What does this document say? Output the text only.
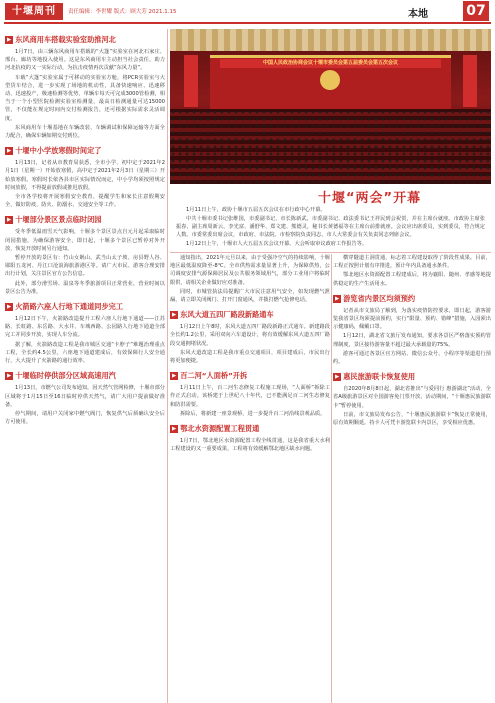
十堰周刊	责任编辑：李世耀 版式：顾大芳 2021.1.15	本地	07
中国人民政治协商会议十堰市委员会第五届委员会第五次会议
十堰“两会”开幕

1月11日上午，政协十堰市五届五次会议在市行政中心开幕。

中共十堰市委书记张维国，市委副书记、市长陈新武，市委副书记、政法委书记王祥民到会祝贺，并在主席台就座。市政协主席张振春，副主席周新云、李光富、潘舒华、郑文建、熊德灵，秘书长黄德福等在主席台前排就座。会议应出席委员，实到委员，符合规定人数。市委常委出席会议，市政府、市法院、市检察院负责同志，市人大常委会有关负责同志列席会议。

1月12日上午，十堰市人大五届五次会议开幕。大会听取审议政府工作报告等。

▶ 东风商用车搭载实验室助推河北

1月7日，由三辆东风商用车搭载的“大篷”实验室在河北石家庄、邢台、廊坊等地投入使用。这是东风商用车主动担当社会责任，助力河北抗疫的又一实际行动，为抗击疫情再次贡献“东风力量”。

车载“大篷”实验室属于可移动的实验室方舱，将PCR实验室与大型货车结合，进一步实现了场地的机动性，具备快速响应、迅速移动、迅速投产，极速检测等优势，单辆车每天可完成3000管检测，相当于一个小型医院检测实验室检测量，最高日检测通量可达15000管，不仅能在规定时间内交付检测报告，还可根据实际需求灵活调度。

东风商用车十堰基地在车辆改装、车辆调试和保障运输等方面全力配合，确保车辆如期交付到位。

▶ 十堰中小学放寒假时间定了

1月13日，记者从市教育局获悉，全市小学、初中定于2021年2月1日（星期一）开始放寒假，高中定于2021年2月3日（星期三）开始放寒假。寒假时长依各县市区实际情况而定，中小学均须按照规定时间放假，不得提前放假或推迟放假。

全市各学校将开展寒假安全教育，提醒学生和家长注意假期安全，做好防疫、防火、防溺水、交通安全等工作。

▶ 十堰部分景区景点临时闭园

受冬季低温雨雪天气影响，十堰多个景区景点自元月起采取临时闭园措施，为确保游客安全，即日起，十堰多个景区已暂停对外开放，恢复开放时间另行通知。

暂停开放的景区有：竹山女娲山、武当山太子坡、房县野人谷、郧阳五龙河、丹江口沧浪海旅游港区等。请广大市民、游客合理安排出行计划，关注景区官方公告信息。

此外，部分滑雪场、温泉等冬季旅游项目正常营业，营业时间以景区公告为准。

▶ 火箭路六座人行地下通道同步完工

1月12日下午，火箭路改造提升工程六座人行地下通道——江苏路、长虹路、东岳路、大水井、车城西路、公园路人行地下通道全部完工并同步开放，实现人车分流。

据了解，火箭路改造工程是我市城区交通“卡脖子”难题治理重点工程，全长约4.5公里，六座地下通道建成后，有效保障行人安全通行，大大提升了火箭路的通行效率。

▶ 十堰临时停供部分区域高速用汽

1月13日，市燃气公司发布通知，因天然气管网检修，十堰市部分区域将于1月15日至16日临时停供天然气，请广大用户提前做好准备。

停气期间，请用户关闭家中燃气阀门，恢复供气后须确认安全后方可使用。

通知指出，2021年元旦以来，由于受强冷空气的持续影响，十堰地区最低温度降至-8℃。全市供热需求量显著上升，为保障供热，公司调度安排气源保障居民及公共服务领域用气，部分工业用户将临时限供，请相关企业做好应对准备。

同时，市城管执法局提醒广大市民注意用气安全，如发现燃气泄漏，请立即关闭阀门、打开门窗通风，并拨打燃气抢修电话。

▶ 东风大道五四厂路段新路通车

1月12日上午8时，东风大道五四厂路段新路正式通车。新建路段全长约1.2公里，采用双向六车道设计，将有效缓解东风大道五四厂路段交通拥堵状况。

东风大道改造工程是我市重点交通项目，项目建成后，市民出行将更加便捷。

▶ 百二河“人面桥”开拆

1月11日上午，百二河生态修复工程施工现场，“人面桥”拆除工作正式启动。该桥建于上世纪八十年代，已不能满足百二河生态修复和防洪需要。

拆除后，将新建一座景观桥，进一步提升百二河沿线景观品质。

▶ 鄂北水资源配置工程贯通

1月7日，鄂北地区水资源配置工程全线贯通，这是我省重大水利工程建设的又一重要成果，工程将有效缓解鄂北地区缺水问题。

横穿隧道主洞贯通，标志着工程建设取得了阶段性成果。目前，工程正按照计划有序推进，预计年内具备通水条件。

鄂北地区水资源配置工程建成后，将为襄阳、随州、孝感等地提供稳定的生产生活用水。

▶ 游览省内景区均须预约

记者从市文旅局了解到，为落实疫情防控要求，即日起，游客游览我省景区均须提前预约，实行“限量、预约、错峰”措施，入园须出示健康码，佩戴口罩。

1月12日，湖北省文旅厅发布通知，要求各景区严格落实预约管理制度，景区接待游客量不超过最大承载量的75%。

游客可通过各景区官方网站、微信公众号、小程序等渠道进行预约。

▶ 惠民旅游联卡恢复使用

自2020年8月8日起，湖北省推出“与爱同行 惠游湖北”活动，全省A级旅游景区对全国游客免门票开放，活动期间，“十堰惠民旅游联卡”暂停使用。

日前，市文旅局发布公告，“十堰惠民旅游联卡”恢复正常使用，原有效期顺延。持卡人可凭卡游览联卡内景区，享受相应优惠。
